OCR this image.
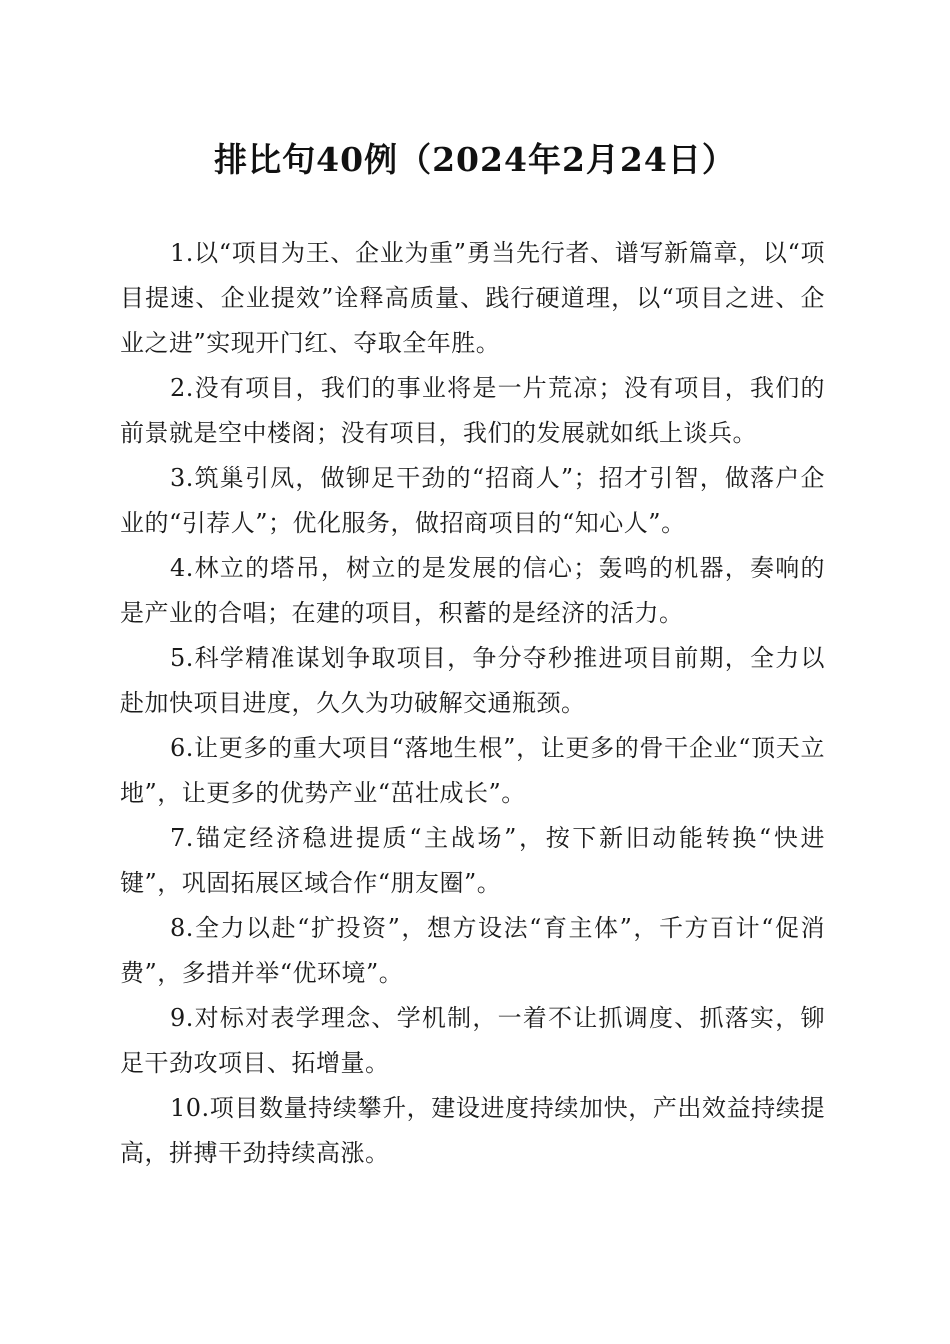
排比句40例（2024年2月24日）

1.以“项目为王、企业为重”勇当先行者、谱写新篇章，以“项目提速、企业提效”诠释高质量、践行硬道理，以“项目之进、企业之进”实现开门红、夺取全年胜。

2.没有项目，我们的事业将是一片荒凉；没有项目，我们的前景就是空中楼阁；没有项目，我们的发展就如纸上谈兵。

3.筑巢引凤，做铆足干劲的“招商人”；招才引智，做落户企业的“引荐人”；优化服务，做招商项目的“知心人”。

4.林立的塔吊，树立的是发展的信心；轰鸣的机器，奏响的是产业的合唱；在建的项目，积蓄的是经济的活力。

5.科学精准谋划争取项目，争分夺秒推进项目前期，全力以赴加快项目进度，久久为功破解交通瓶颈。

6.让更多的重大项目“落地生根”，让更多的骨干企业“顶天立地”，让更多的优势产业“茁壮成长”。

7.锚定经济稳进提质“主战场”，按下新旧动能转换“快进键”，巩固拓展区域合作“朋友圈”。

8.全力以赴“扩投资”，想方设法“育主体”，千方百计“促消费”，多措并举“优环境”。

9.对标对表学理念、学机制，一着不让抓调度、抓落实，铆足干劲攻项目、拓增量。

10.项目数量持续攀升，建设进度持续加快，产出效益持续提高，拼搏干劲持续高涨。
